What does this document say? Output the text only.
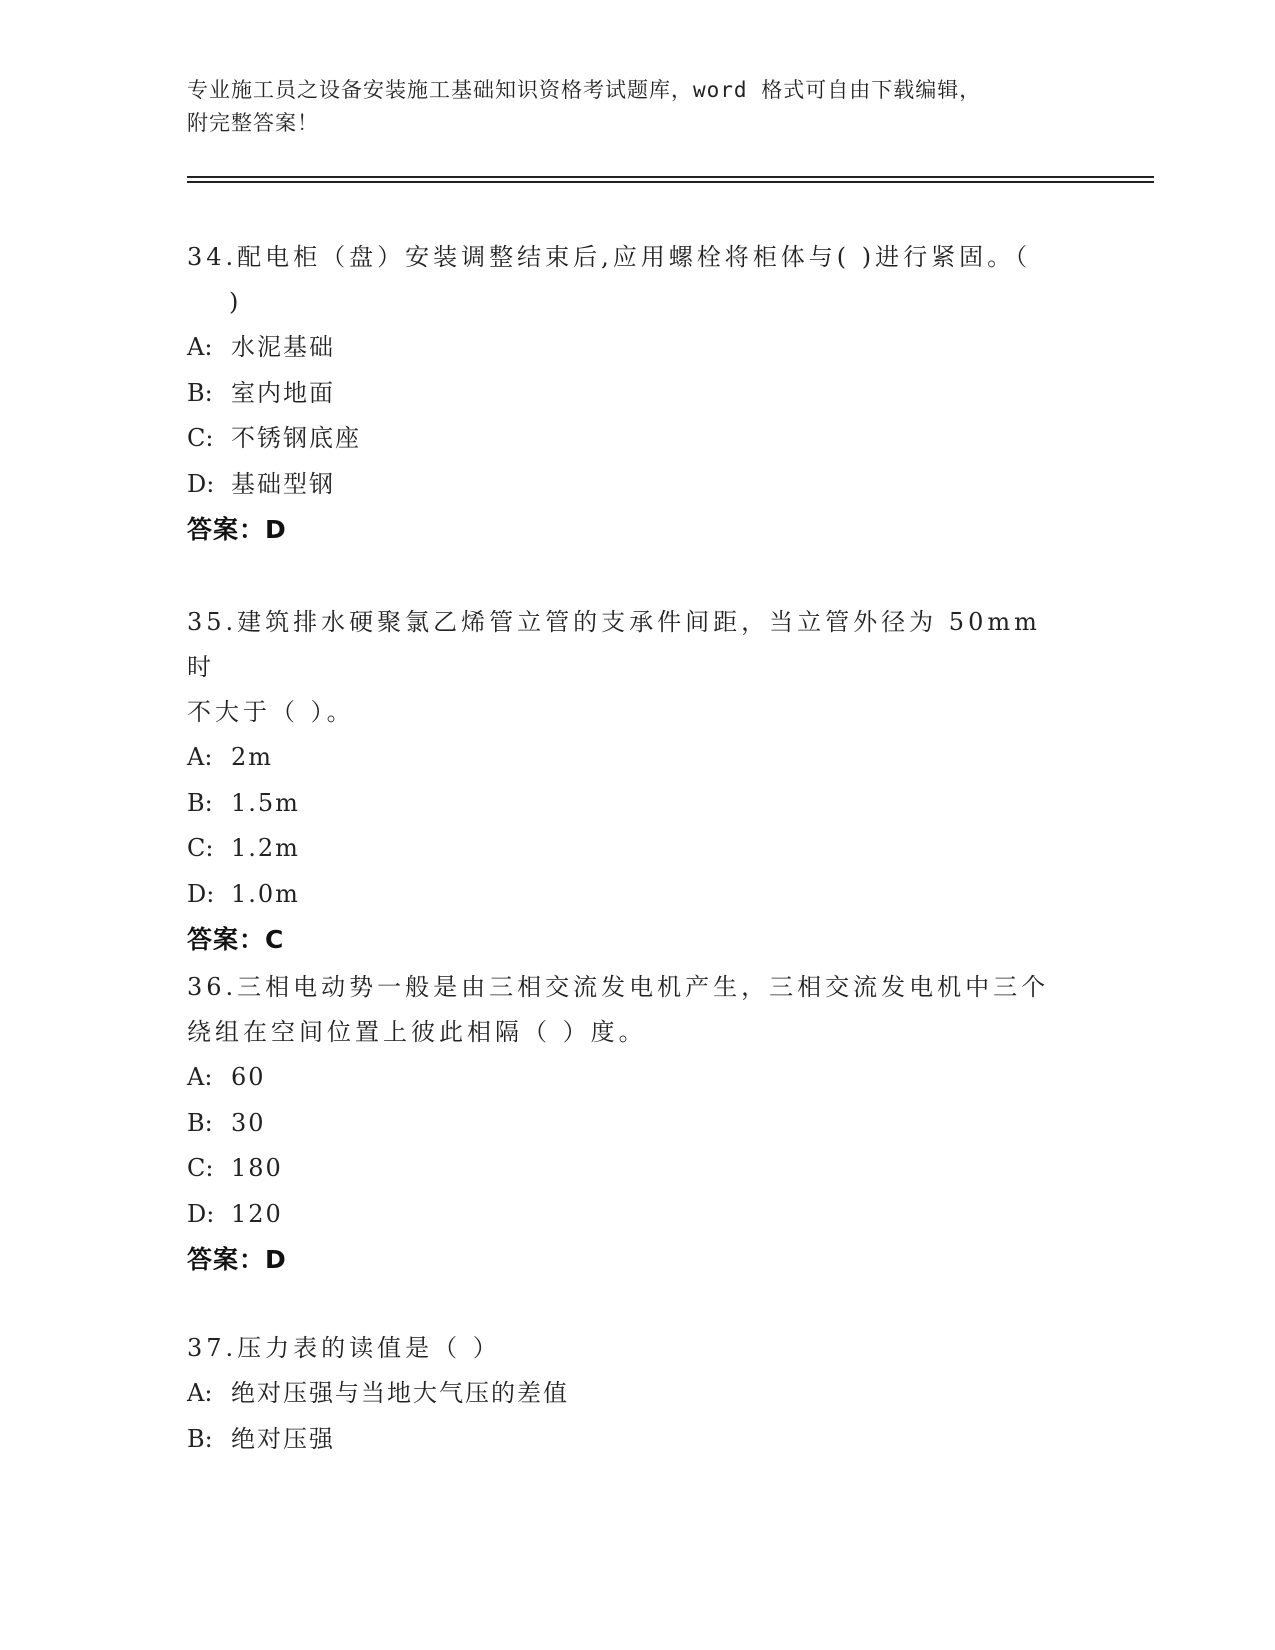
专业施工员之设备安装施工基础知识资格考试题库，word 格式可自由下载编辑，
附完整答案！

34.配电柜（盘）安装调整结束后,应用螺栓将柜体与( )进行紧固。（
)

A: 水泥基础

B: 室内地面

C: 不锈钢底座

D: 基础型钢

答案：D

35.建筑排水硬聚氯乙烯管立管的支承件间距，当立管外径为 50mm 时
不大于（ ）。

A: 2m

B: 1.5m

C: 1.2m

D: 1.0m

答案：C

36.三相电动势一般是由三相交流发电机产生，三相交流发电机中三个
绕组在空间位置上彼此相隔（ ）度。

A: 60

B: 30

C: 180

D: 120

答案：D

37.压力表的读值是（ ）

A: 绝对压强与当地大气压的差值

B: 绝对压强
